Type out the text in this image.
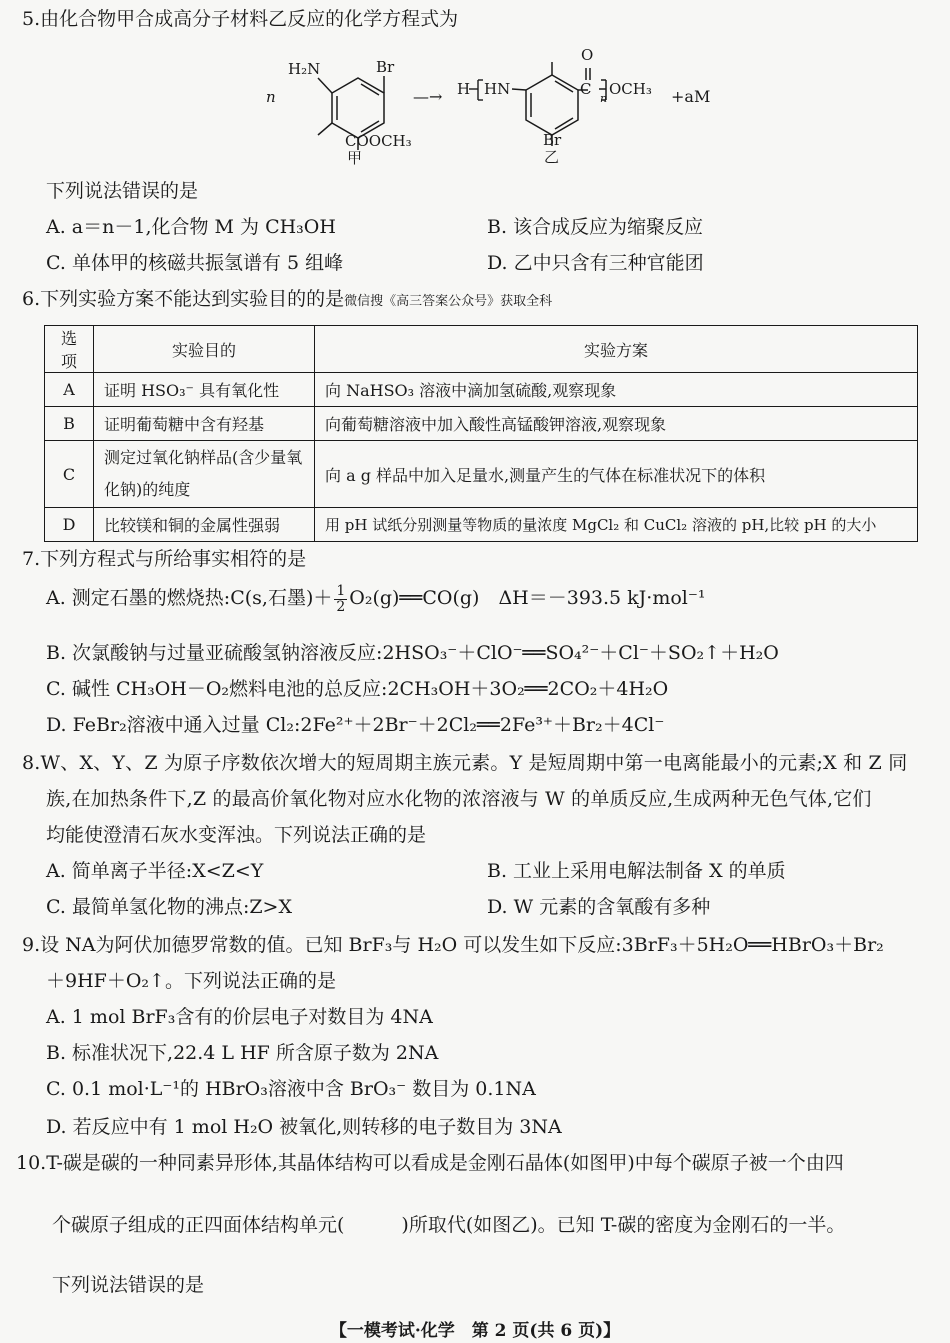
5.由化合物甲合成高分子材料乙反应的化学方程式为
n
H₂N	Br
COOCH₃
甲
—→ H HN	C
O
n
OCH₃ +aM
Br
乙
下列说法错误的是
A. a＝n－1,化合物 M 为 CH₃OH	B. 该合成反应为缩聚反应
C. 单体甲的核磁共振氢谱有 5 组峰	D. 乙中只含有三种官能团
6.下列实验方案不能达到实验目的的是微信搜《高三答案公众号》获取全科
选项	实验目的	实验方案
A	证明 HSO₃⁻ 具有氧化性	向 NaHSO₃ 溶液中滴加氢硫酸,观察现象
B	证明葡萄糖中含有羟基	向葡萄糖溶液中加入酸性高锰酸钾溶液,观察现象
C	测定过氧化钠样品(含少量氧化钠)的纯度	向 a g 样品中加入足量水,测量产生的气体在标准状况下的体积
D	比较镁和铜的金属性强弱	用 pH 试纸分别测量等物质的量浓度 MgCl₂ 和 CuCl₂ 溶液的 pH,比较 pH 的大小
7.下列方程式与所给事实相符的是
A. 测定石墨的燃烧热:C(s,石墨)＋ $\frac{1}{2}$ O₂(g)══CO(g)　ΔH＝－393.5 kJ·mol⁻¹
B. 次氯酸钠与过量亚硫酸氢钠溶液反应:2HSO₃⁻＋ClO⁻══SO₄²⁻＋Cl⁻＋SO₂↑＋H₂O
C. 碱性 CH₃OH－O₂燃料电池的总反应:2CH₃OH＋3O₂══2CO₂＋4H₂O
D. FeBr₂溶液中通入过量 Cl₂:2Fe²⁺＋2Br⁻＋2Cl₂══2Fe³⁺＋Br₂＋4Cl⁻
8.W、X、Y、Z 为原子序数依次增大的短周期主族元素。Y 是短周期中第一电离能最小的元素;X 和 Z 同
族,在加热条件下,Z 的最高价氧化物对应水化物的浓溶液与 W 的单质反应,生成两种无色气体,它们
均能使澄清石灰水变浑浊。下列说法正确的是
A. 简单离子半径:X<Z<Y	B. 工业上采用电解法制备 X 的单质
C. 最简单氢化物的沸点:Z>X	D. W 元素的含氧酸有多种
9.设 NA为阿伏加德罗常数的值。已知 BrF₃与 H₂O 可以发生如下反应:3BrF₃＋5H₂O══HBrO₃＋Br₂
＋9HF＋O₂↑。下列说法正确的是
A. 1 mol BrF₃含有的价层电子对数目为 4NA
B. 标准状况下,22.4 L HF 所含原子数为 2NA
C. 0.1 mol·L⁻¹的 HBrO₃溶液中含 BrO₃⁻ 数目为 0.1NA
D. 若反应中有 1 mol H₂O 被氧化,则转移的电子数目为 3NA
10.T-碳是碳的一种同素异形体,其晶体结构可以看成是金刚石晶体(如图甲)中每个碳原子被一个由四
个碳原子组成的正四面体结构单元(　　　)所取代(如图乙)。已知 T-碳的密度为金刚石的一半。
下列说法错误的是
【一模考试·化学　第 2 页(共 6 页)】
